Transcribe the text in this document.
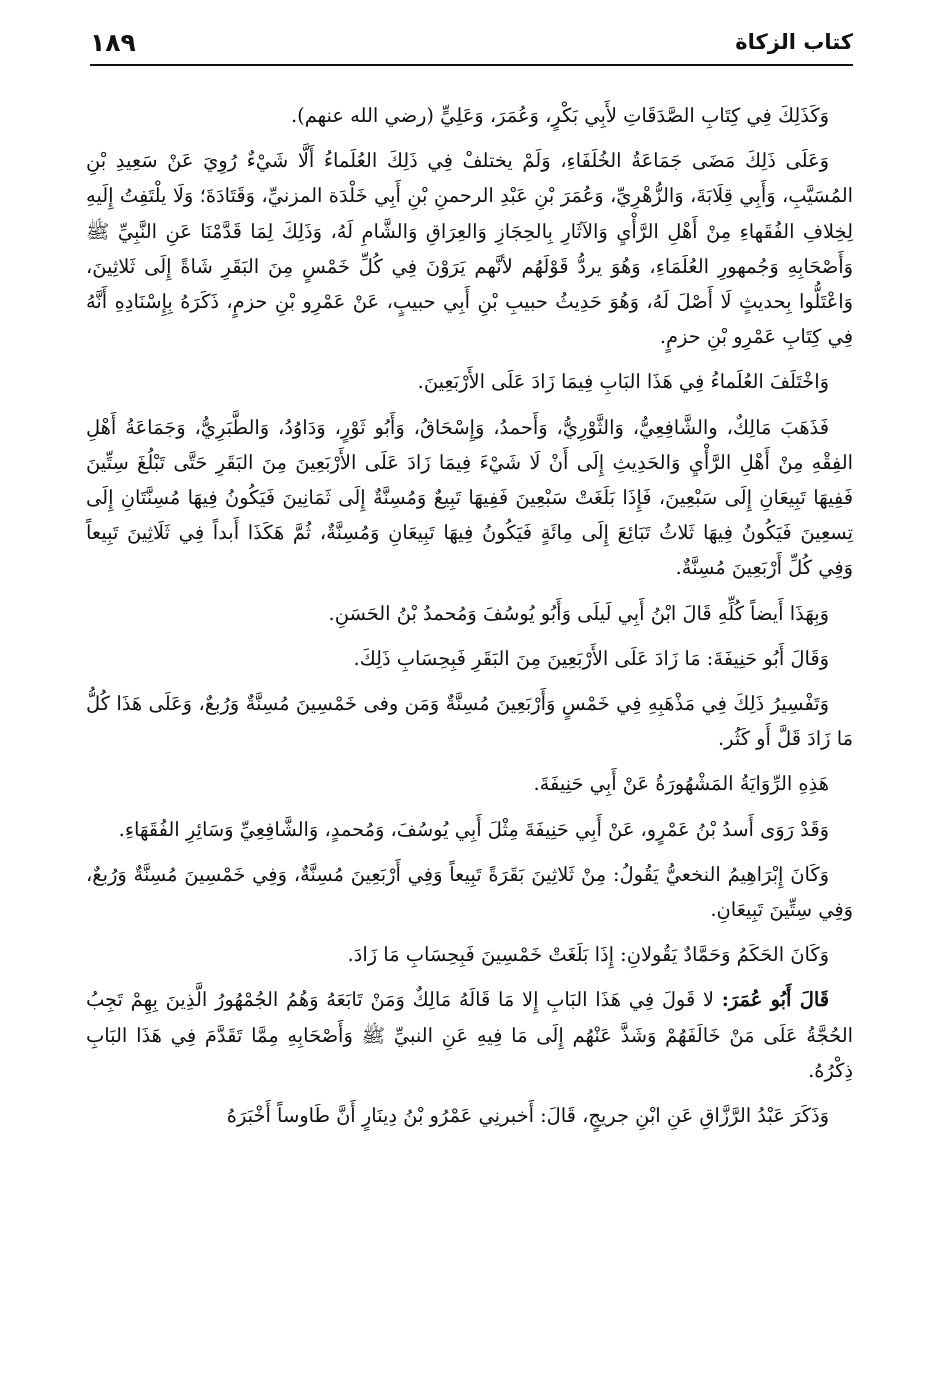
كتاب الزكاة
١٨٩

وَكَذَلِكَ فِي كِتَابِ الصَّدَقَاتِ لأَبِي بَكْرٍ، وَعُمَرَ، وَعَلِيٍّ (رضي الله عنهم).

وَعَلَى ذَلِكَ مَضَى جَمَاعَةُ الخُلَفَاءِ، وَلَمْ يختلفْ فِي ذَلِكَ العُلَماءُ أَلَّا شَيْءٌ رُوِيَ عَنْ سَعِيدِ بْنِ المُسَيَّبِ، وَأَبِي قِلَابَةَ، وَالزُّهْرِيِّ، وَعُمَرَ بْنِ عَبْدِ الرحمنِ بْنِ أَبِي خَلْدَة المزنيِّ، وَقَتَادَةَ؛ وَلَا يلْتَفِتُ إِلَيهِ لِخِلافِ الفُقَهاءِ مِنْ أَهْلِ الرَّأْيِ وَالآثَارِ بِالحِجَازِ وَالعِرَاقِ وَالشَّامِ لَهُ، وَذَلِكَ لِمَا قَدَّمْنَا عَنِ النَّبِيِّ ﷺ وَأَصْحَابِهِ وَجُمهورِ العُلَمَاءِ، وَهُوَ يردُّ قَوْلَهُم لأنَّهم يَرَوْنَ فِي كُلِّ خَمْسٍ مِنَ البَقَرِ شَاةً إِلَى ثَلاثِينَ، وَاعْتَلُّوا بِحديثٍ لَا أَصْلَ لَهُ، وَهُوَ حَدِيثُ حبيبِ بْنِ أَبِي حبيبٍ، عَنْ عَمْرِو بْنِ حزمٍ، ذَكَرَهُ بِإِسْنَادِهِ أَنَّهُ فِي كِتَابِ عَمْرِو بْنِ حزمٍ.

وَاخْتَلَفَ العُلَماءُ فِي هَذَا البَابِ فِيمَا زَادَ عَلَى الأَرْبَعِينَ.

فَذَهَبَ مَالِكٌ، والشَّافِعِيُّ، وَالثَّوْرِيُّ، وَأَحمدُ، وَإِسْحَاقُ، وَأَبُو ثَوْرٍ، وَدَاوُدُ، وَالطَّبَرِيُّ، وَجَمَاعَةُ أَهْلِ الفِقْهِ مِنْ أَهْلِ الرَّأْيِ وَالحَدِيثِ إِلَى أَنْ لَا شَيْءَ فِيمَا زَادَ عَلَى الأَرْبَعِينَ مِنَ البَقَرِ حَتَّى تَبْلُغَ سِتِّينَ فَفِيهَا تَبِيعَانِ إِلَى سَبْعِينَ، فَإِذَا بَلَغَتْ سَبْعِينَ فَفِيهَا تَبِيعٌ وَمُسِنَّةٌ إِلَى ثَمَانِينَ فَيَكُونُ فِيهَا مُسِنَّتَانِ إِلَى تِسعِينَ فَيَكُونُ فِيهَا ثَلاثُ تَبَائِعَ إِلَى مِائَةٍ فَيَكُونُ فِيهَا تَبِيعَانِ وَمُسِنَّةٌ، ثُمَّ هَكَذَا أَبداً فِي ثَلَاثِينَ تَبِيعاً وَفِي كُلِّ أَرْبَعِينَ مُسِنَّةٌ.

وَبِهَذَا أَيضاً كُلِّهِ قَالَ ابْنُ أَبِي لَيلَى وَأَبُو يُوسُفَ وَمُحمدُ بْنُ الحَسَنِ.

وَقَالَ أَبُو حَنِيفَةَ: مَا زَادَ عَلَى الأَرْبَعِينَ مِنَ البَقَرِ فَبِحِسَابِ ذَلِكَ.

وَتَفْسِيرُ ذَلِكَ فِي مَذْهَبِهِ فِي خَمْسٍ وَأَرْبَعِينَ مُسِنَّةٌ وَمَن وفى خَمْسِينَ مُسِنَّةٌ وَرُبعٌ، وَعَلَى هَذَا كُلُّ مَا زَادَ قَلَّ أَو كَثُر.

هَذِهِ الرِّوَايَةُ المَشْهُورَةُ عَنْ أَبِي حَنِيفَةَ.

وَقَدْ رَوَى أَسدُ بْنُ عَمْرٍو، عَنْ أَبِي حَنِيفَةَ مِثْلَ أَبِي يُوسُفَ، وَمُحمدٍ، وَالشَّافِعِيِّ وَسَائِرِ الفُقَهَاءِ.

وَكَانَ إِبْرَاهِيمُ النخعيُّ يَقُولُ: مِنْ ثَلاثِينَ بَقَرَةً تَبِيعاً وَفِي أَرْبَعِينَ مُسِنَّةٌ، وَفِي خَمْسِينَ مُسِنَّةٌ وَرُبعٌ، وَفِي سِتِّينَ تَبِيعَانِ.

وَكَانَ الحَكَمُ وَحَمَّادٌ يَقُولانِ: إِذَا بَلَغَتْ خَمْسِينَ فَبِحِسَابِ مَا زَادَ.

قَالَ أَبُو عُمَرَ: لا قَولَ فِي هَذَا البَابِ إِلا مَا قَالَهُ مَالِكٌ وَمَنْ تَابَعَهُ وَهُمُ الجُمْهُورُ الَّذِينَ بِهِمْ تَجِبُ الحُجَّةُ عَلَى مَنْ خَالَفَهُمْ وَشَذَّ عَنْهُم إِلَى مَا فِيهِ عَنِ النبيِّ ﷺ وَأَصْحَابِهِ مِمَّا تَقَدَّمَ فِي هَذَا البَابِ ذِكْرُهُ.

وَذَكَرَ عَبْدُ الرَّزَّاقِ عَنِ ابْنِ جريجٍ، قَالَ: أَخبرنِي عَمْرُو بْنُ دِينَارٍ أَنَّ طَاوساً أَخْبَرَهُ
